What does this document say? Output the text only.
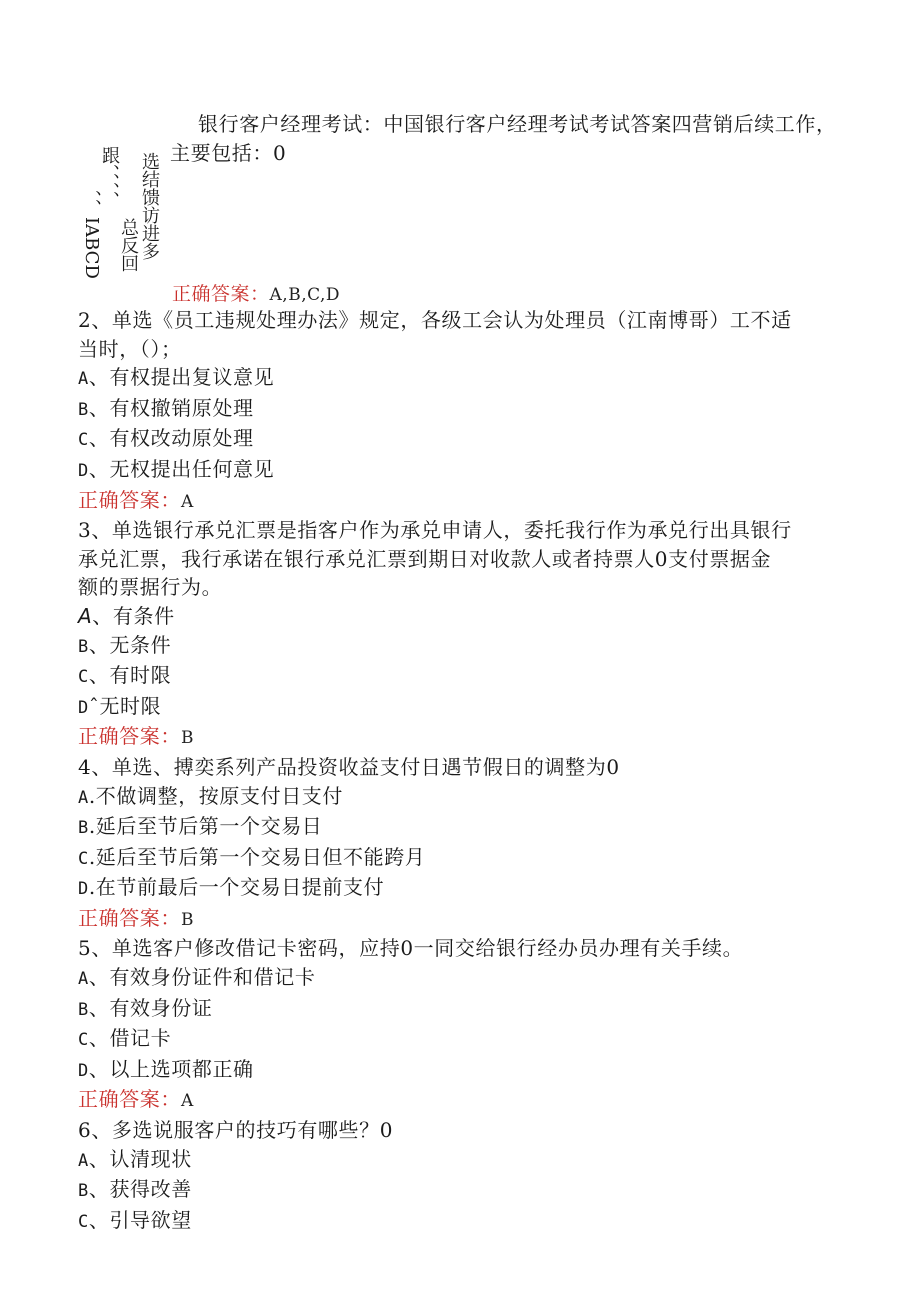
银行客户经理考试：中国银行客户经理考试考试答案四营销后续工作，主要包括：0
、、IABCD
跟、、、、
总反回 选结馈访进多
正确答案：A,B,C,D
2、单选《员工违规处理办法》规定，各级工会认为处理员（江南博哥）工不适
当时，（）；
A、有权提出复议意见
B、有权撤销原处理
C、有权改动原处理
D、无权提出任何意见
正确答案：A
3、单选银行承兑汇票是指客户作为承兑申请人，委托我行作为承兑行出具银行
承兑汇票，我行承诺在银行承兑汇票到期日对收款人或者持票人0支付票据金
额的票据行为。
A、有条件
B、无条件
C、有时限
Dˆ无时限
正确答案：B
4、单选、搏奕系列产品投资收益支付日遇节假日的调整为0
A.不做调整，按原支付日支付
B.延后至节后第一个交易日
C.延后至节后第一个交易日但不能跨月
D.在节前最后一个交易日提前支付
正确答案：B
5、单选客户修改借记卡密码，应持0一同交给银行经办员办理有关手续。
A、有效身份证件和借记卡
B、有效身份证
C、借记卡
D、以上选项都正确
正确答案：A
6、多选说服客户的技巧有哪些？0
A、认清现状
B、获得改善
C、引导欲望
